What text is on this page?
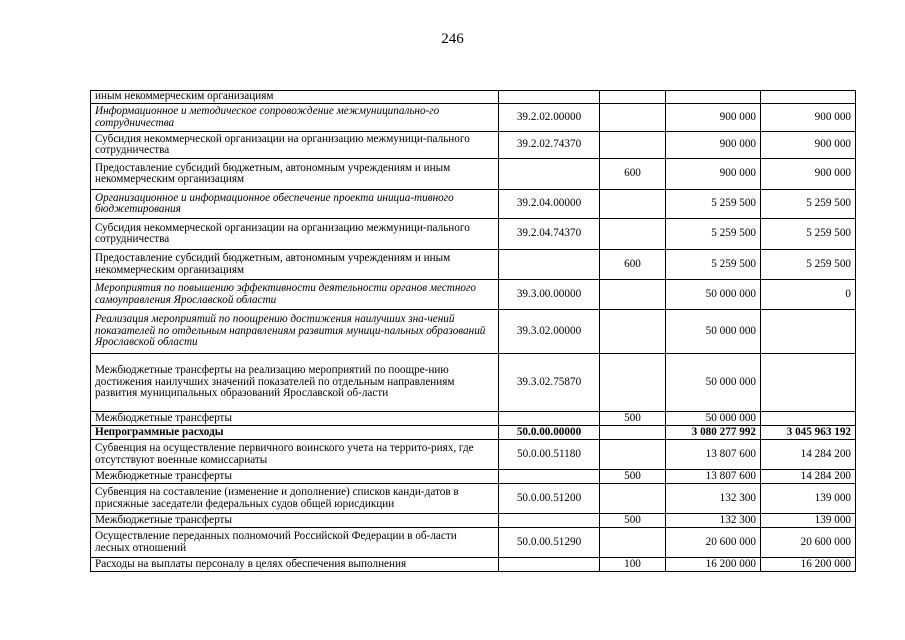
246
иным некоммерческим организациям				
Информационное и методическое сопровождение межмуниципально-го сотрудничества	39.2.02.00000		900 000	900 000
Субсидия некоммерческой организации на организацию межмуници-пального сотрудничества	39.2.02.74370		900 000	900 000
Предоставление субсидий бюджетным, автономным учреждениям и иным некоммерческим организациям		600	900 000	900 000
Организационное и информационное обеспечение проекта инициа-тивного бюджетирования	39.2.04.00000		5 259 500	5 259 500
Субсидия некоммерческой организации на организацию межмуници-пального сотрудничества	39.2.04.74370		5 259 500	5 259 500
Предоставление субсидий бюджетным, автономным учреждениям и иным некоммерческим организациям		600	5 259 500	5 259 500
Мероприятия по повышению эффективности деятельности органов местного самоуправления Ярославской области	39.3.00.00000		50 000 000	0
Реализация мероприятий по поощрению достижения наилучших зна-чений показателей по отдельным направлениям развития муници-пальных образований Ярославской области	39.3.02.00000		50 000 000	
Межбюджетные трансферты на реализацию мероприятий по поощре-нию достижения наилучших значений показателей по отдельным направлениям развития муниципальных образований Ярославской об-ласти	39.3.02.75870		50 000 000	
Межбюджетные трансферты		500	50 000 000	
Непрограммные расходы	50.0.00.00000		3 080 277 992	3 045 963 192
Субвенция на осуществление первичного воинского учета на террито-риях, где отсутствуют военные комиссариаты	50.0.00.51180		13 807 600	14 284 200
Межбюджетные трансферты		500	13 807 600	14 284 200
Субвенция на составление (изменение и дополнение) списков канди-датов в присяжные заседатели федеральных судов общей юрисдикции	50.0.00.51200		132 300	139 000
Межбюджетные трансферты		500	132 300	139 000
Осуществление переданных полномочий Российской Федерации в об-ласти лесных отношений	50.0.00.51290		20 600 000	20 600 000
Расходы на выплаты персоналу в целях обеспечения выполнения		100	16 200 000	16 200 000
